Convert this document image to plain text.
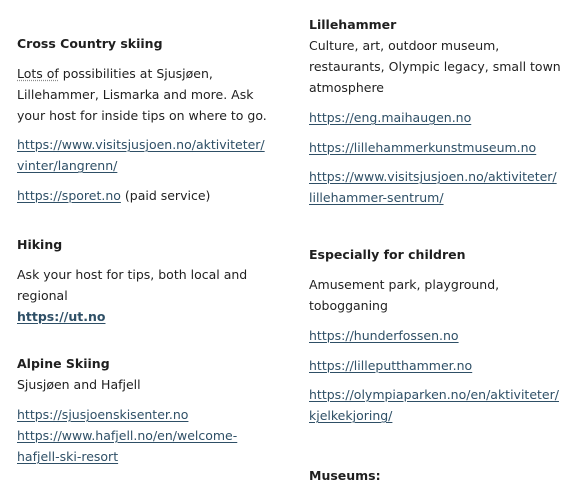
Cross Country skiing

Lots of possibilities at Sjusjøen, Lillehammer, Lismarka and more. Ask your host for inside tips on where to go.

https://www.visitsjusjoen.no/aktiviteter/
vinter/langrenn/

https://sporet.no (paid service)

Hiking

Ask your host for tips, both local and regional

https://ut.no

Alpine Skiing

Sjusjøen and Hafjell

https://sjusjoenskisenter.no
https://www.hafjell.no/en/welcome-
hafjell-ski-resort

Lillehammer

Culture, art, outdoor museum, restaurants, Olympic legacy, small town atmosphere

https://eng.maihaugen.no
https://lillehammerkunstmuseum.no
https://www.visitsjusjoen.no/aktiviteter/
lillehammer-sentrum/

Especially for children

Amusement park, playground, tobogganing

https://hunderfossen.no
https://lilleputthammer.no
https://olympiaparken.no/en/aktiviteter/
kjelkekjoring/

Museums:
